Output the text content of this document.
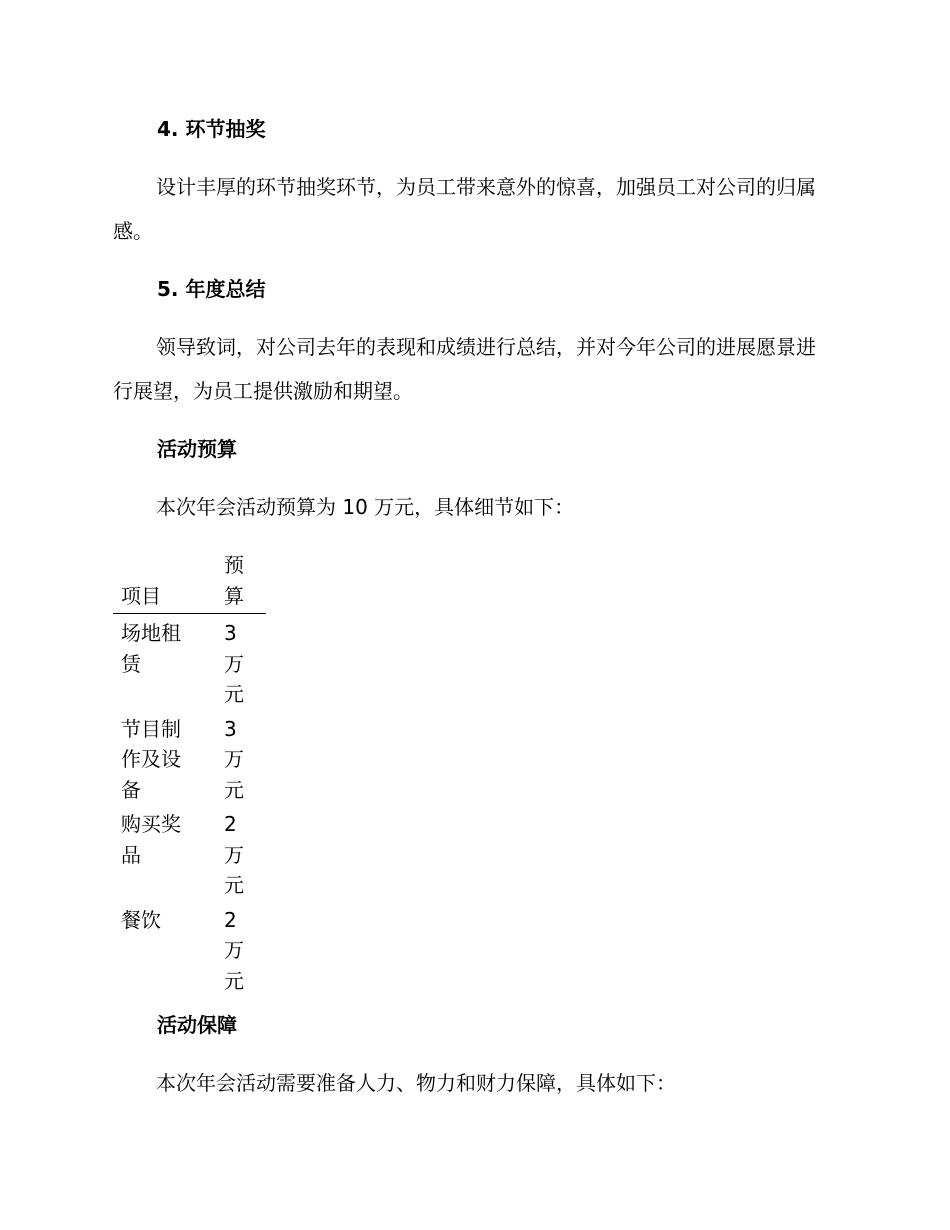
4. 环节抽奖
设计丰厚的环节抽奖环节，为员工带来意外的惊喜，加强员工对公司的归属感。
5. 年度总结
领导致词，对公司去年的表现和成绩进行总结，并对今年公司的进展愿景进行展望，为员工提供激励和期望。
活动预算
本次年会活动预算为 10 万元，具体细节如下：
项目	预算
场地租赁	3 万元
节目制作及设备	3 万元
购买奖品	2 万元
餐饮	2 万元
活动保障
本次年会活动需要准备人力、物力和财力保障，具体如下：
